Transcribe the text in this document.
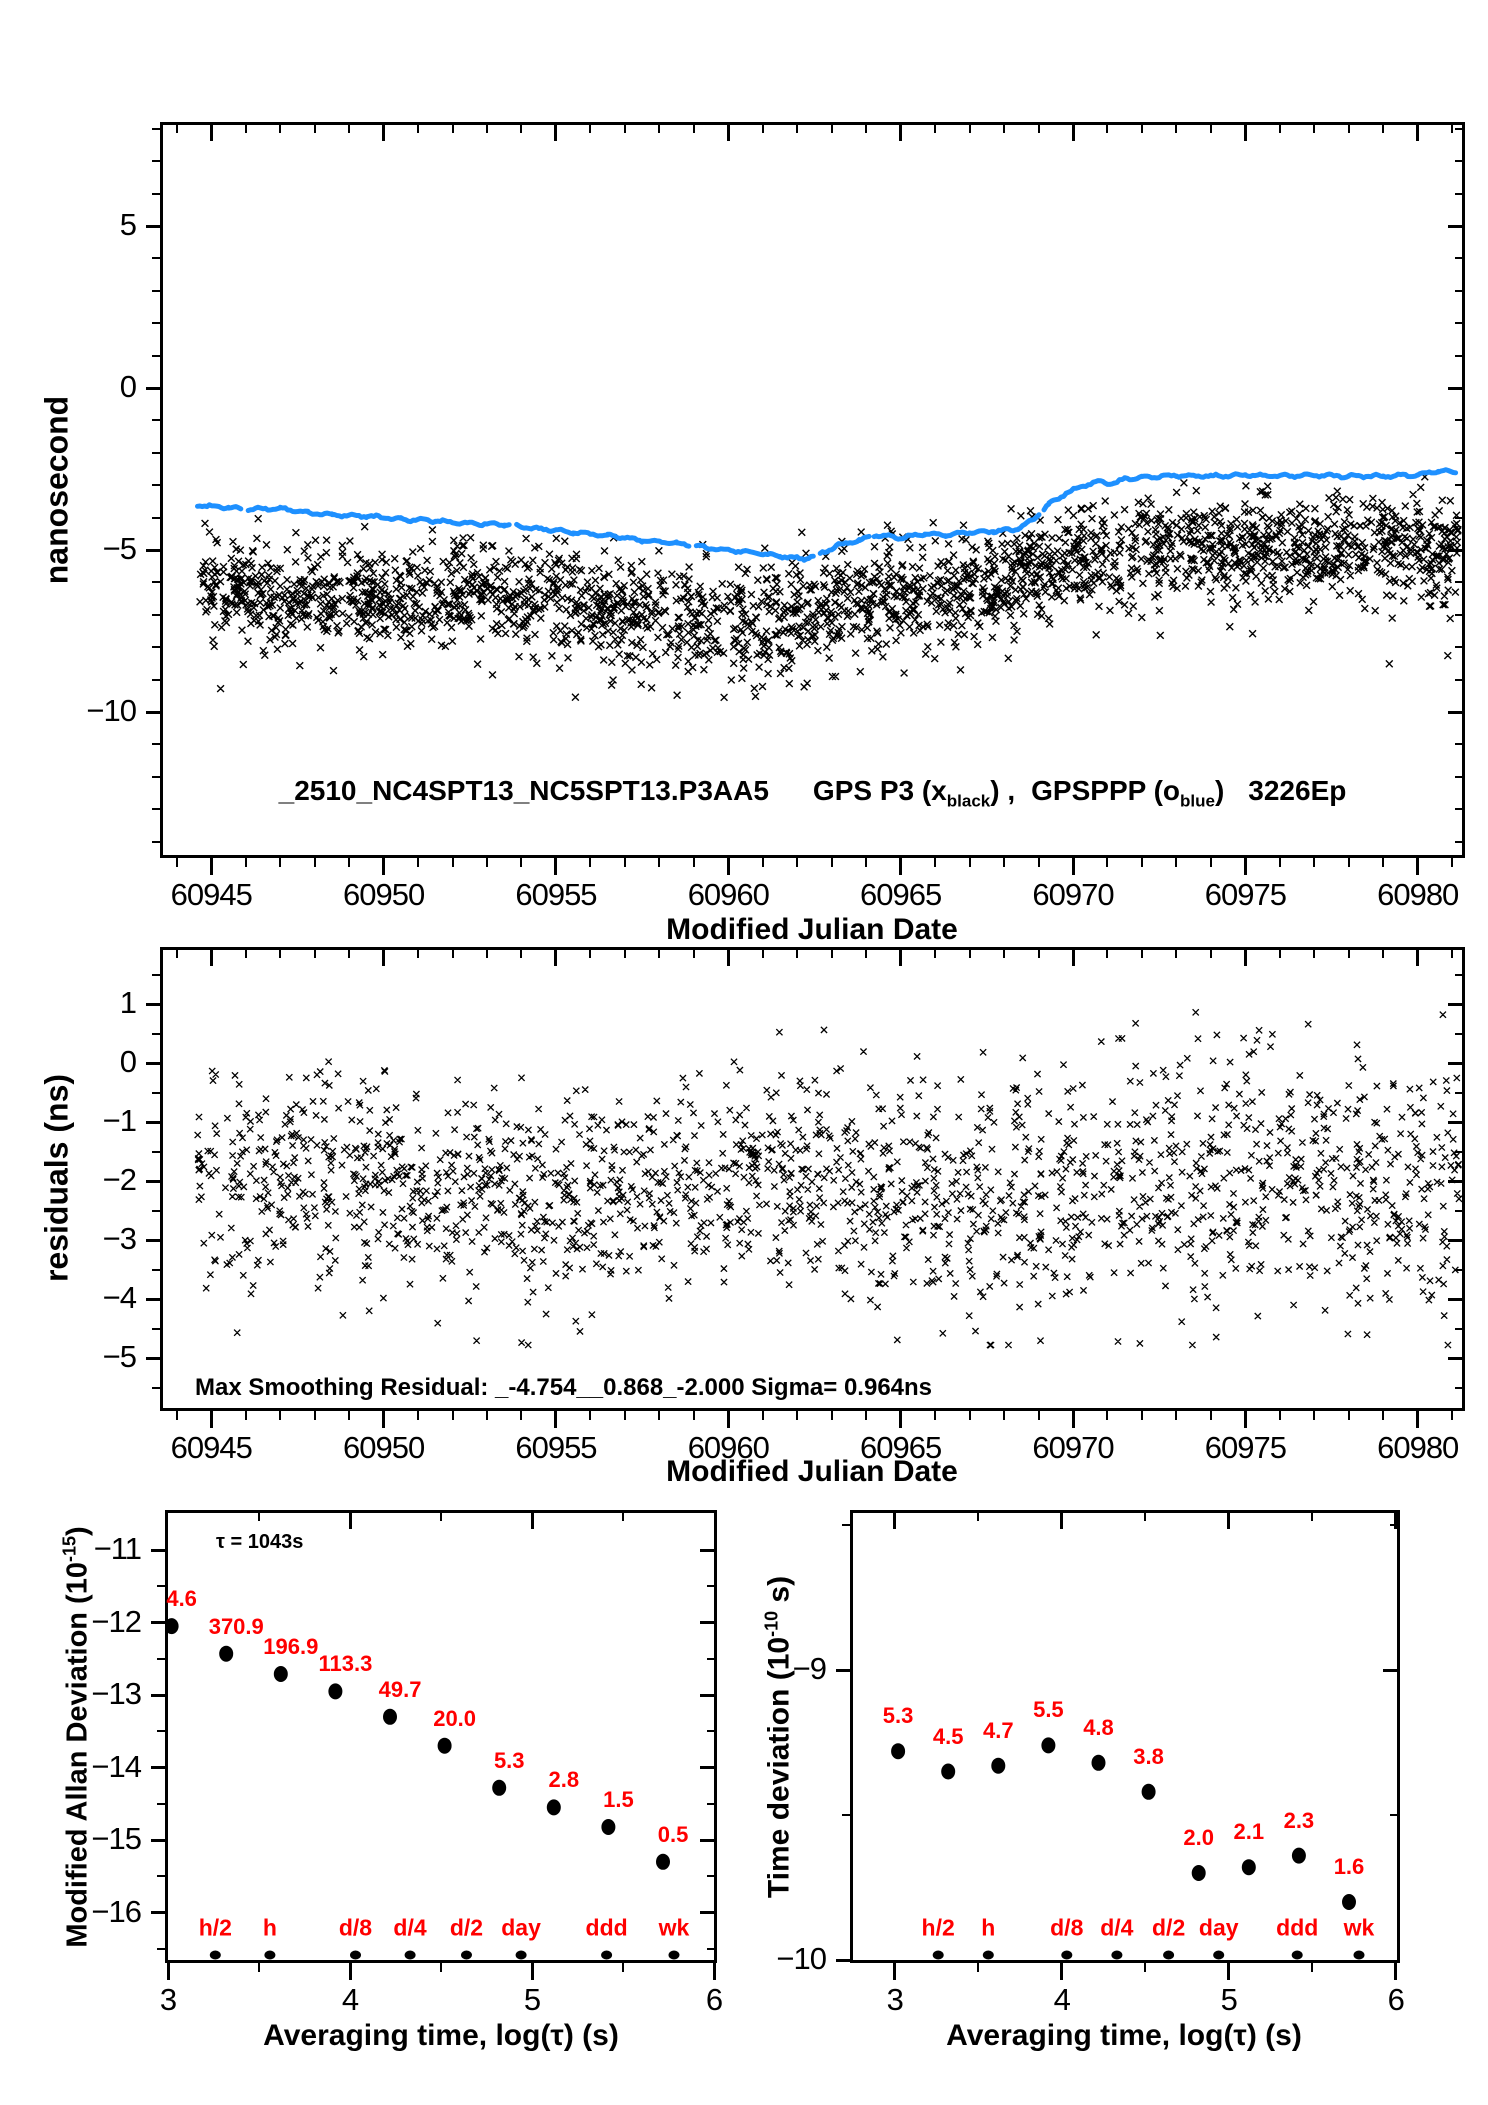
_2510_NC4SPT13_NC5SPT13.P3AA5 GPS P3 $(x_{black})$ , GPSPPP $(o_{blue})$ 3226Ep
60945	60950	60955	60960	60965	60970	60975	60980
5
0
−5
−10
nanosecond
Modified Julian Date
Max Smoothing Residual: _-4.754__0.868_-2.000 Sigma= 0.964ns
60945	60950	60955	60960	60965	60970	60975	60980
1
0
−1
−2
−3
−4
−5
residuals (ns)
Modified Julian Date
τ = 1043s
3	4	5	6
−11
−12
−13
−14
−15
−16
4.6
370.9
196.9
113.3
49.7
20.0
5.3
2.8
1.5
0.5
h/2 h	d/8 d/4 d/2 day ddd wk
Modified Allan Deviation $(10^{-15})$
Averaging time, log(τ) (s)
3	4	5	6
−9
−10
5.3
4.5 4.7
5.5
4.8
3.8
2.0 2.1 2.3
1.6
h/2 h d/8 d/4 d/2 day ddd wk
Time deviation ($10^{-10}$ s)
Averaging time, log(τ) (s)
